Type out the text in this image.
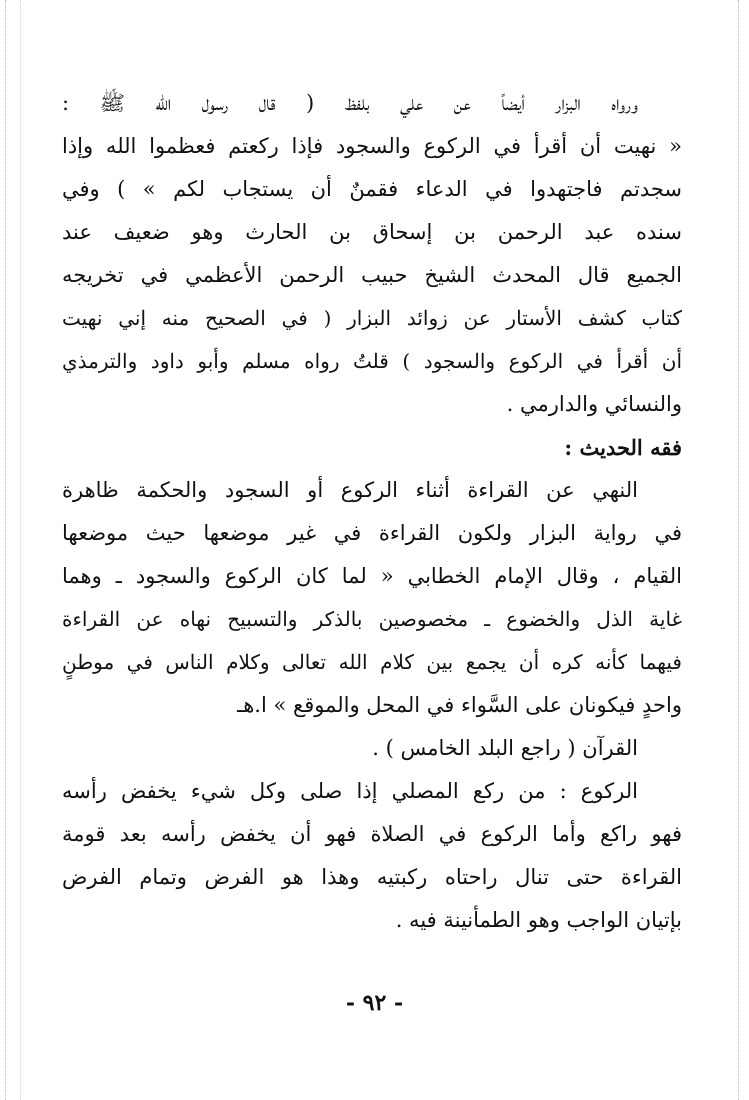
ورواه البزار أيضاً عن علي بلفظ ( قال رسول الله ﷺ :
« نهيت أن أقرأ في الركوع والسجود فإذا ركعتم فعظموا الله وإذا
سجدتم فاجتهدوا في الدعاء فقمنٌ أن يستجاب لكم » ) وفي
سنده عبد الرحمن بن إسحاق بن الحارث وهو ضعيف عند
الجميع قال المحدث الشيخ حبيب الرحمن الأعظمي في تخريجه
كتاب كشف الأستار عن زوائد البزار ( في الصحيح منه إني نهيت
أن أقرأ في الركوع والسجود ) قلتُ رواه مسلم وأبو داود والترمذي
والنسائي والدارمي .
فقه الحديث :
النهي عن القراءة أثناء الركوع أو السجود والحكمة ظاهرة
في رواية البزار ولكون القراءة في غير موضعها حيث موضعها
القيام ، وقال الإمام الخطابي « لما كان الركوع والسجود ـ وهما
غاية الذل والخضوع ـ مخصوصين بالذكر والتسبيح نهاه عن القراءة
فيهما كأنه كره أن يجمع بين كلام الله تعالى وكلام الناس في موطنٍ
واحدٍ فيكونان على السَّواء في المحل والموقع » ا.هـ
القرآن ( راجع البلد الخامس ) .
الركوع : من ركع المصلي إذا صلى وكل شيء يخفض رأسه
فهو راكع وأما الركوع في الصلاة فهو أن يخفض رأسه بعد قومة
القراءة حتى تنال راحتاه ركبتيه وهذا هو الفرض وتمام الفرض
بإتيان الواجب وهو الطمأنينة فيه .
- ٩٢ -
